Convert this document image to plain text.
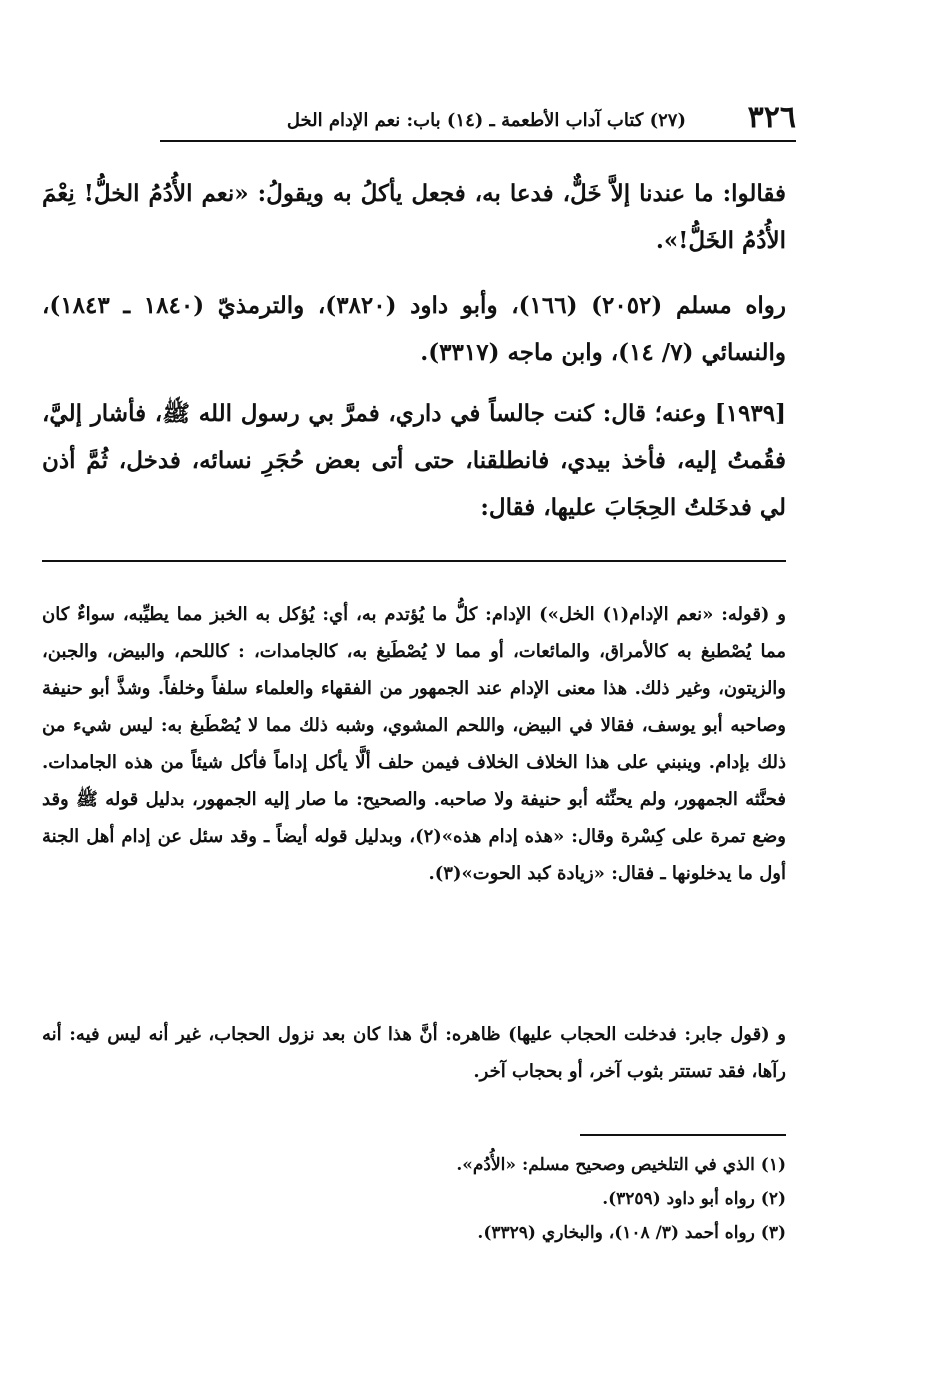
٣٢٦
(٢٧) كتاب آداب الأطعمة ـ (١٤) باب: نعم الإدام الخل
فقالوا: ما عندنا إلاَّ خَلٌّ، فدعا به، فجعل يأكلُ به ويقولُ: «نعم الأُدُمُ الخلُّ! نِعْمَ الأُدُمُ الخَلُّ!».
رواه مسلم (٢٠٥٢) (١٦٦)، وأبو داود (٣٨٢٠)، والترمذيّ (١٨٤٠ ـ ١٨٤٣)، والنسائي (٧/ ١٤)، وابن ماجه (٣٣١٧).
[١٩٣٩] وعنه؛ قال: كنت جالساً في داري، فمرَّ بي رسول الله ﷺ، فأشار إليَّ، فقُمتُ إليه، فأخذ بيدي، فانطلقنا، حتى أتى بعض حُجَرِ نسائه، فدخل، ثُمَّ أذن لي فدخَلتُ الحِجَابَ عليها، فقال:
و (قوله: «نعم الإدام(١) الخل») الإدام: كلُّ ما يُؤتدم به، أي: يُؤكل به الخبز مما يطيِّبه، سواءٌ كان مما يُصْطبغ به كالأمراق، والمائعات، أو مما لا يُصْطَبغ به، كالجامدات، : كاللحم، والبيض، والجبن، والزيتون، وغير ذلك. هذا معنى الإدام عند الجمهور من الفقهاء والعلماء سلفاً وخلفاً. وشذَّ أبو حنيفة وصاحبه أبو يوسف، فقالا في البيض، واللحم المشوي، وشبه ذلك مما لا يُصْطَبغ به: ليس شيء من ذلك بإدام. وينبني على هذا الخلاف الخلاف فيمن حلف ألَّا يأكل إداماً فأكل شيئاً من هذه الجامدات. فحنَّثه الجمهور، ولم يحنِّثه أبو حنيفة ولا صاحبه. والصحيح: ما صار إليه الجمهور، بدليل قوله ﷺ وقد وضع تمرة على كِسْرة وقال: «هذه إدام هذه»(٢)، وبدليل قوله أيضاً ـ وقد سئل عن إدام أهل الجنة أول ما يدخلونها ـ فقال: «زيادة كبد الحوت»(٣).
و (قول جابر: فدخلت الحجاب عليها) ظاهره: أنَّ هذا كان بعد نزول الحجاب، غير أنه ليس فيه: أنه رآها، فقد تستتر بثوب آخر، أو بحجاب آخر.
(١) الذي في التلخيص وصحيح مسلم: «الأُدُم».
(٢) رواه أبو داود (٣٢٥٩).
(٣) رواه أحمد (٣/ ١٠٨)، والبخاري (٣٣٢٩).
